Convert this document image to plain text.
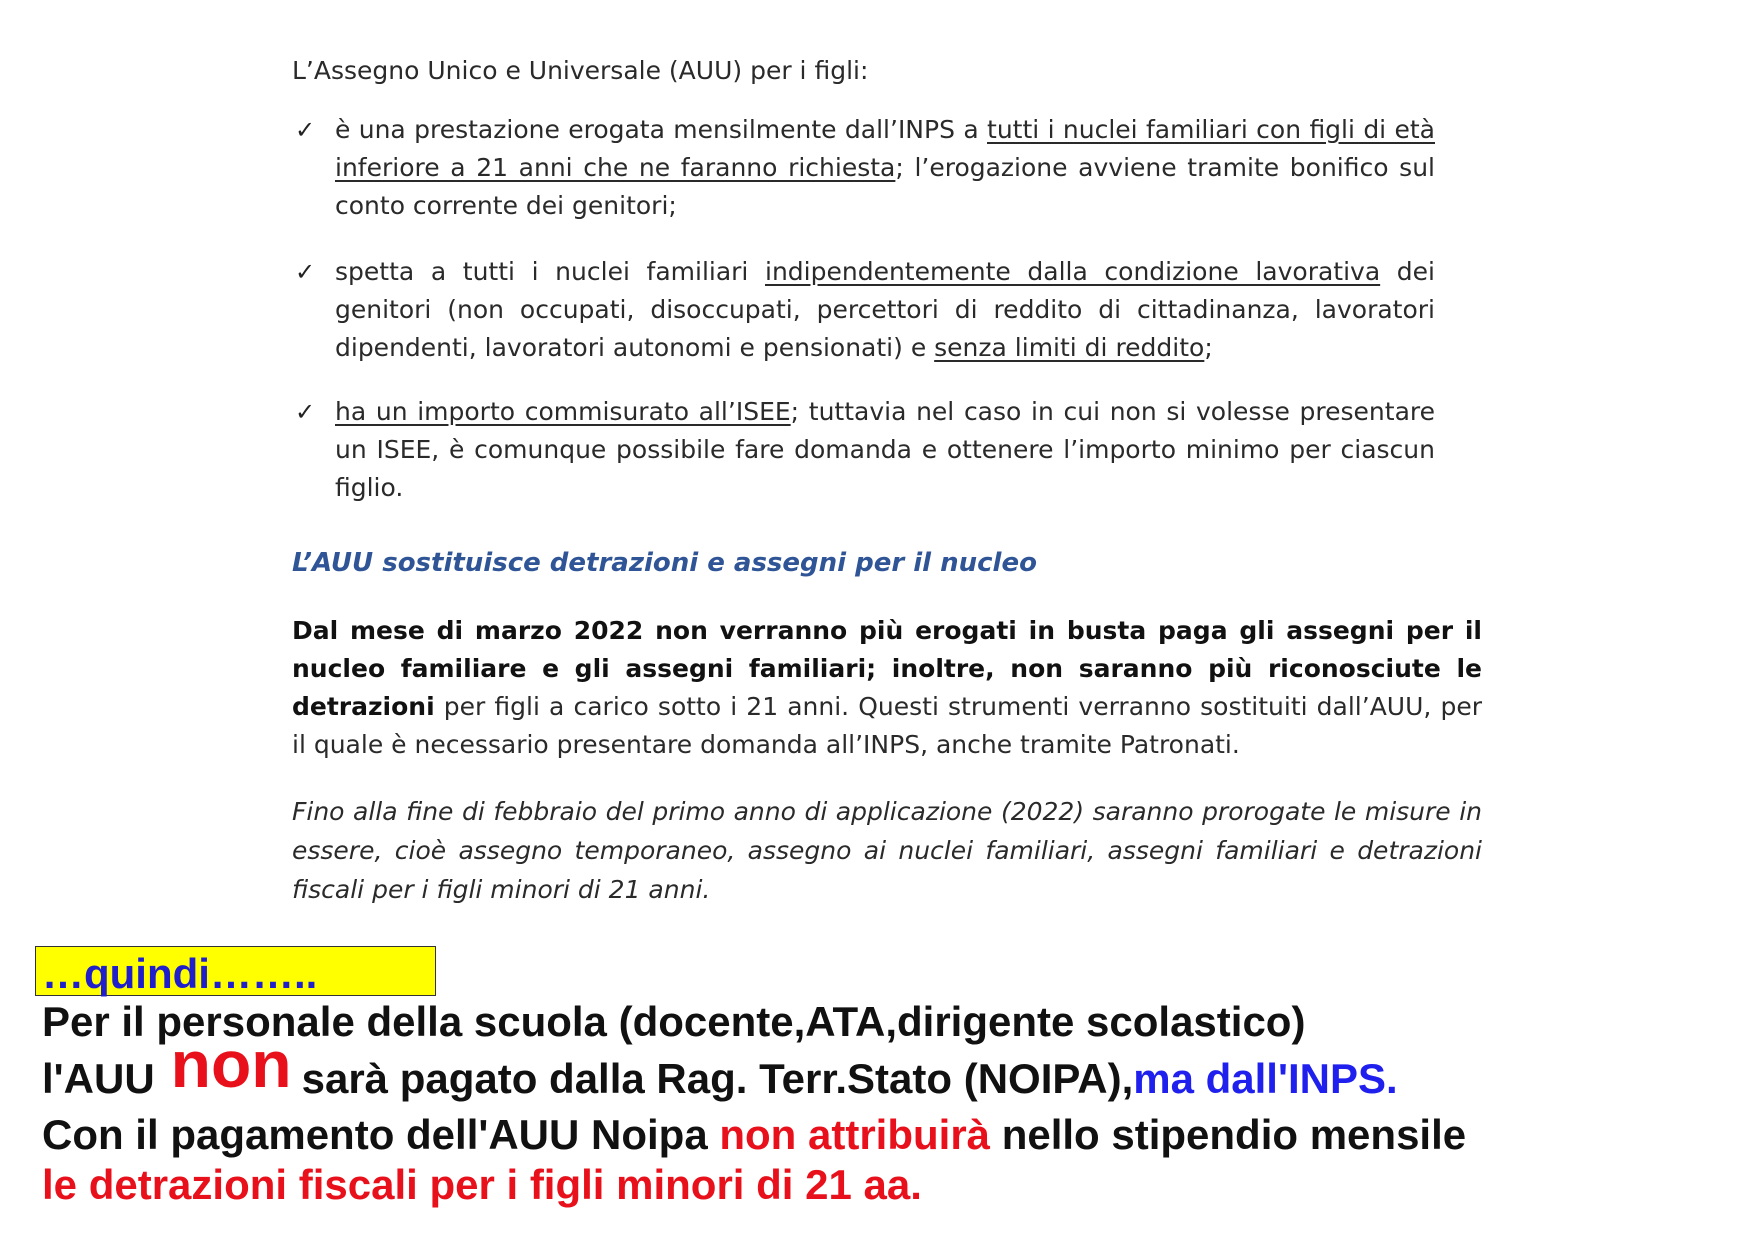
L’Assegno Unico e Universale (AUU) per i figli:

✓ è una prestazione erogata mensilmente dall’INPS a tutti i nuclei familiari con figli di età inferiore a 21 anni che ne faranno richiesta; l’erogazione avviene tramite bonifico sul conto corrente dei genitori;
✓ spetta a tutti i nuclei familiari indipendentemente dalla condizione lavorativa dei genitori (non occupati, disoccupati, percettori di reddito di cittadinanza, lavoratori dipendenti, lavoratori autonomi e pensionati) e senza limiti di reddito;
✓ ha un importo commisurato all’ISEE; tuttavia nel caso in cui non si volesse presentare un ISEE, è comunque possibile fare domanda e ottenere l’importo minimo per ciascun figlio.

L’AUU sostituisce detrazioni e assegni per il nucleo

Dal mese di marzo 2022 non verranno più erogati in busta paga gli assegni per il nucleo familiare e gli assegni familiari; inoltre, non saranno più riconosciute le detrazioni per figli a carico sotto i 21 anni. Questi strumenti verranno sostituiti dall’AUU, per il quale è necessario presentare domanda all’INPS, anche tramite Patronati.

Fino alla fine di febbraio del primo anno di applicazione (2022) saranno prorogate le misure in essere, cioè assegno temporaneo, assegno ai nuclei familiari, assegni familiari e detrazioni fiscali per i figli minori di 21 anni.

…quindi……..
Per il personale della scuola (docente,ATA,dirigente scolastico)
l'AUU non sarà pagato dalla Rag. Terr.Stato (NOIPA),ma dall'INPS.
Con il pagamento dell'AUU Noipa non attribuirà nello stipendio mensile
le detrazioni fiscali per i figli minori di 21 aa.
